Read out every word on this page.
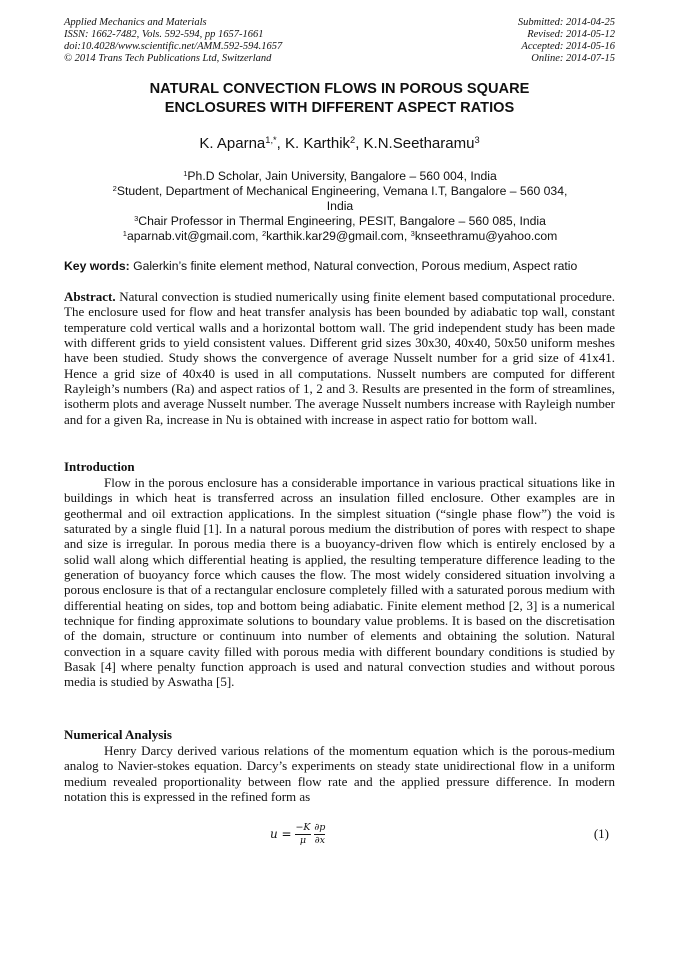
Applied Mechanics and Materials
ISSN: 1662-7482, Vols. 592-594, pp 1657-1661
doi:10.4028/www.scientific.net/AMM.592-594.1657
© 2014 Trans Tech Publications Ltd, Switzerland
Submitted: 2014-04-25
Revised: 2014-05-12
Accepted: 2014-05-16
Online: 2014-07-15
NATURAL CONVECTION FLOWS IN POROUS SQUARE
ENCLOSURES WITH DIFFERENT ASPECT RATIOS
K. Aparna$^{1,*}$, K. Karthik$^2$, K.N.Seetharamu$^3$
$^1$Ph.D Scholar, Jain University, Bangalore – 560 004, India
$^2$Student, Department of Mechanical Engineering, Vemana I.T, Bangalore – 560 034, India
$^3$Chair Professor in Thermal Engineering, PESIT, Bangalore – 560 085, India
$^1$aparnab.vit@gmail.com, $^2$karthik.kar29@gmail.com, $^3$knseethramu@yahoo.com
Key words: Galerkin’s finite element method, Natural convection, Porous medium, Aspect ratio
Abstract. Natural convection is studied numerically using finite element based computational procedure. The enclosure used for flow and heat transfer analysis has been bounded by adiabatic top wall, constant temperature cold vertical walls and a horizontal bottom wall. The grid independent study has been made with different grids to yield consistent values. Different grid sizes 30x30, 40x40, 50x50 uniform meshes have been studied. Study shows the convergence of average Nusselt number for a grid size of 41x41. Hence a grid size of 40x40 is used in all computations. Nusselt numbers are computed for different Rayleigh’s numbers (Ra) and aspect ratios of 1, 2 and 3. Results are presented in the form of streamlines, isotherm plots and average Nusselt number. The average Nusselt numbers increase with Rayleigh number and for a given Ra, increase in Nu is obtained with increase in aspect ratio for bottom wall.
Introduction
Flow in the porous enclosure has a considerable importance in various practical situations like in buildings in which heat is transferred across an insulation filled enclosure. Other examples are in geothermal and oil extraction applications. In the simplest situation (“single phase flow”) the void is saturated by a single fluid [1]. In a natural porous medium the distribution of pores with respect to shape and size is irregular. In porous media there is a buoyancy-driven flow which is entirely enclosed by a solid wall along which differential heating is applied, the resulting temperature difference leading to the generation of buoyancy force which causes the flow. The most widely considered situation involving a porous enclosure is that of a rectangular enclosure completely filled with a saturated porous medium with differential heating on sides, top and bottom being adiabatic. Finite element method [2, 3] is a numerical technique for finding approximate solutions to boundary value problems. It is based on the discretisation of the domain, structure or continuum into number of elements and obtaining the solution. Natural convection in a square cavity filled with porous media with different boundary conditions is studied by Basak [4] where penalty function approach is used and natural convection studies and without porous media is studied by Aswatha [5].
Numerical Analysis
Henry Darcy derived various relations of the momentum equation which is the porous-medium analog to Navier-stokes equation. Darcy’s experiments on steady state unidirectional flow in a uniform medium revealed proportionality between flow rate and the applied pressure difference. In modern notation this is expressed in the refined form as
$u = \frac{-K}{\mu}$
$\frac{\partial p}{\partial x}$	(1)
